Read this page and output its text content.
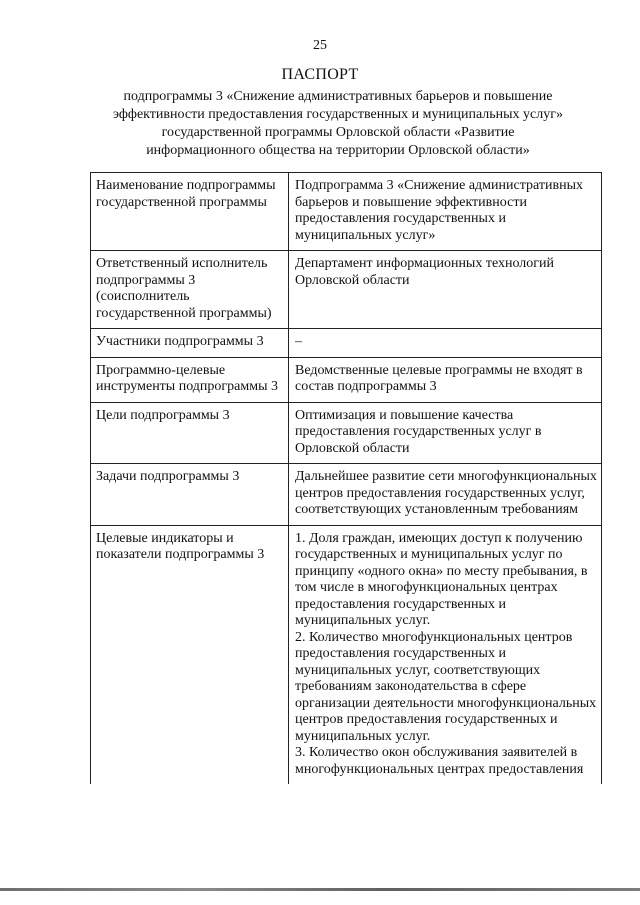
25
ПАСПОРТ
подпрограммы 3 «Снижение административных барьеров и повышение
эффективности предоставления государственных и муниципальных услуг»
государственной программы Орловской области «Развитие
информационного общества на территории Орловской области»
Наименование подпрограммы государственной программы	Подпрограмма 3 «Снижение административных барьеров и повышение эффективности предоставления государственных и муниципальных услуг»
Ответственный исполнитель подпрограммы 3 (соисполнитель государственной программы)	Департамент информационных технологий Орловской области
Участники подпрограммы 3	–
Программно-целевые инструменты подпрограммы 3	Ведомственные целевые программы не входят в состав подпрограммы 3
Цели подпрограммы 3	Оптимизация и повышение качества предоставления государственных услуг в Орловской области
Задачи подпрограммы 3	Дальнейшее развитие сети многофункциональных центров предоставления государственных услуг, соответствующих установленным требованиям
Целевые индикаторы и показатели подпрограммы 3	1. Доля граждан, имеющих доступ к получению государственных и муниципальных услуг по принципу «одного окна» по месту пребывания, в том числе в многофункциональных центрах предоставления государственных и муниципальных услуг.
2. Количество многофункциональных центров предоставления государственных и муниципальных услуг, соответствующих требованиям законодательства в сфере организации деятельности многофункциональных центров предоставления государственных и муниципальных услуг.
3. Количество окон обслуживания заявителей в многофункциональных центрах предоставления
